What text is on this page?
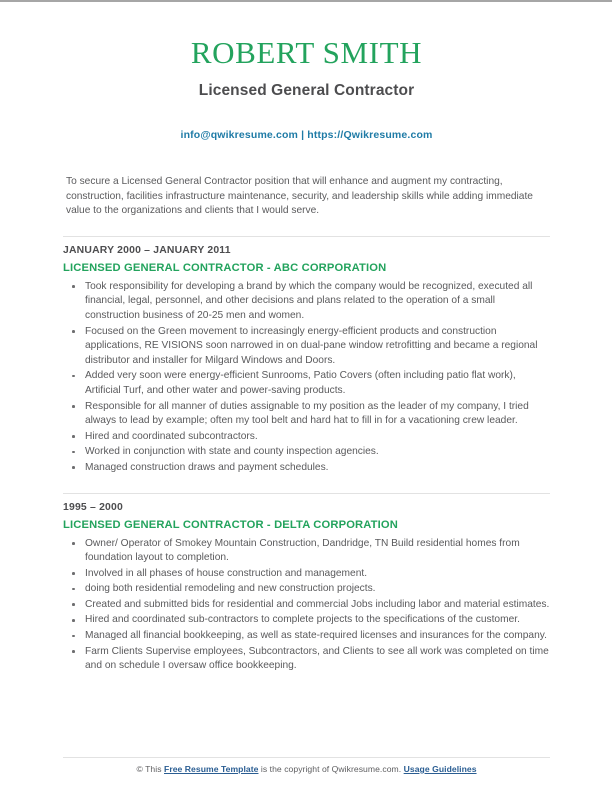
ROBERT SMITH
Licensed General Contractor
info@qwikresume.com | https://Qwikresume.com
To secure a Licensed General Contractor position that will enhance and augment my contracting, construction, facilities infrastructure maintenance, security, and leadership skills while adding immediate value to the organizations and clients that I would serve.
JANUARY 2000 – JANUARY 2011
LICENSED GENERAL CONTRACTOR - ABC CORPORATION
Took responsibility for developing a brand by which the company would be recognized, executed all financial, legal, personnel, and other decisions and plans related to the operation of a small construction business of 20-25 men and women.
Focused on the Green movement to increasingly energy-efficient products and construction applications, RE VISIONS soon narrowed in on dual-pane window retrofitting and became a regional distributor and installer for Milgard Windows and Doors.
Added very soon were energy-efficient Sunrooms, Patio Covers (often including patio flat work), Artificial Turf, and other water and power-saving products.
Responsible for all manner of duties assignable to my position as the leader of my company, I tried always to lead by example; often my tool belt and hard hat to fill in for a vacationing crew leader.
Hired and coordinated subcontractors.
Worked in conjunction with state and county inspection agencies.
Managed construction draws and payment schedules.
1995 – 2000
LICENSED GENERAL CONTRACTOR - DELTA CORPORATION
Owner/ Operator of Smokey Mountain Construction, Dandridge, TN Build residential homes from foundation layout to completion.
Involved in all phases of house construction and management.
doing both residential remodeling and new construction projects.
Created and submitted bids for residential and commercial Jobs including labor and material estimates.
Hired and coordinated sub-contractors to complete projects to the specifications of the customer.
Managed all financial bookkeeping, as well as state-required licenses and insurances for the company.
Farm Clients Supervise employees, Subcontractors, and Clients to see all work was completed on time and on schedule I oversaw office bookkeeping.
© This Free Resume Template is the copyright of Qwikresume.com. Usage Guidelines
